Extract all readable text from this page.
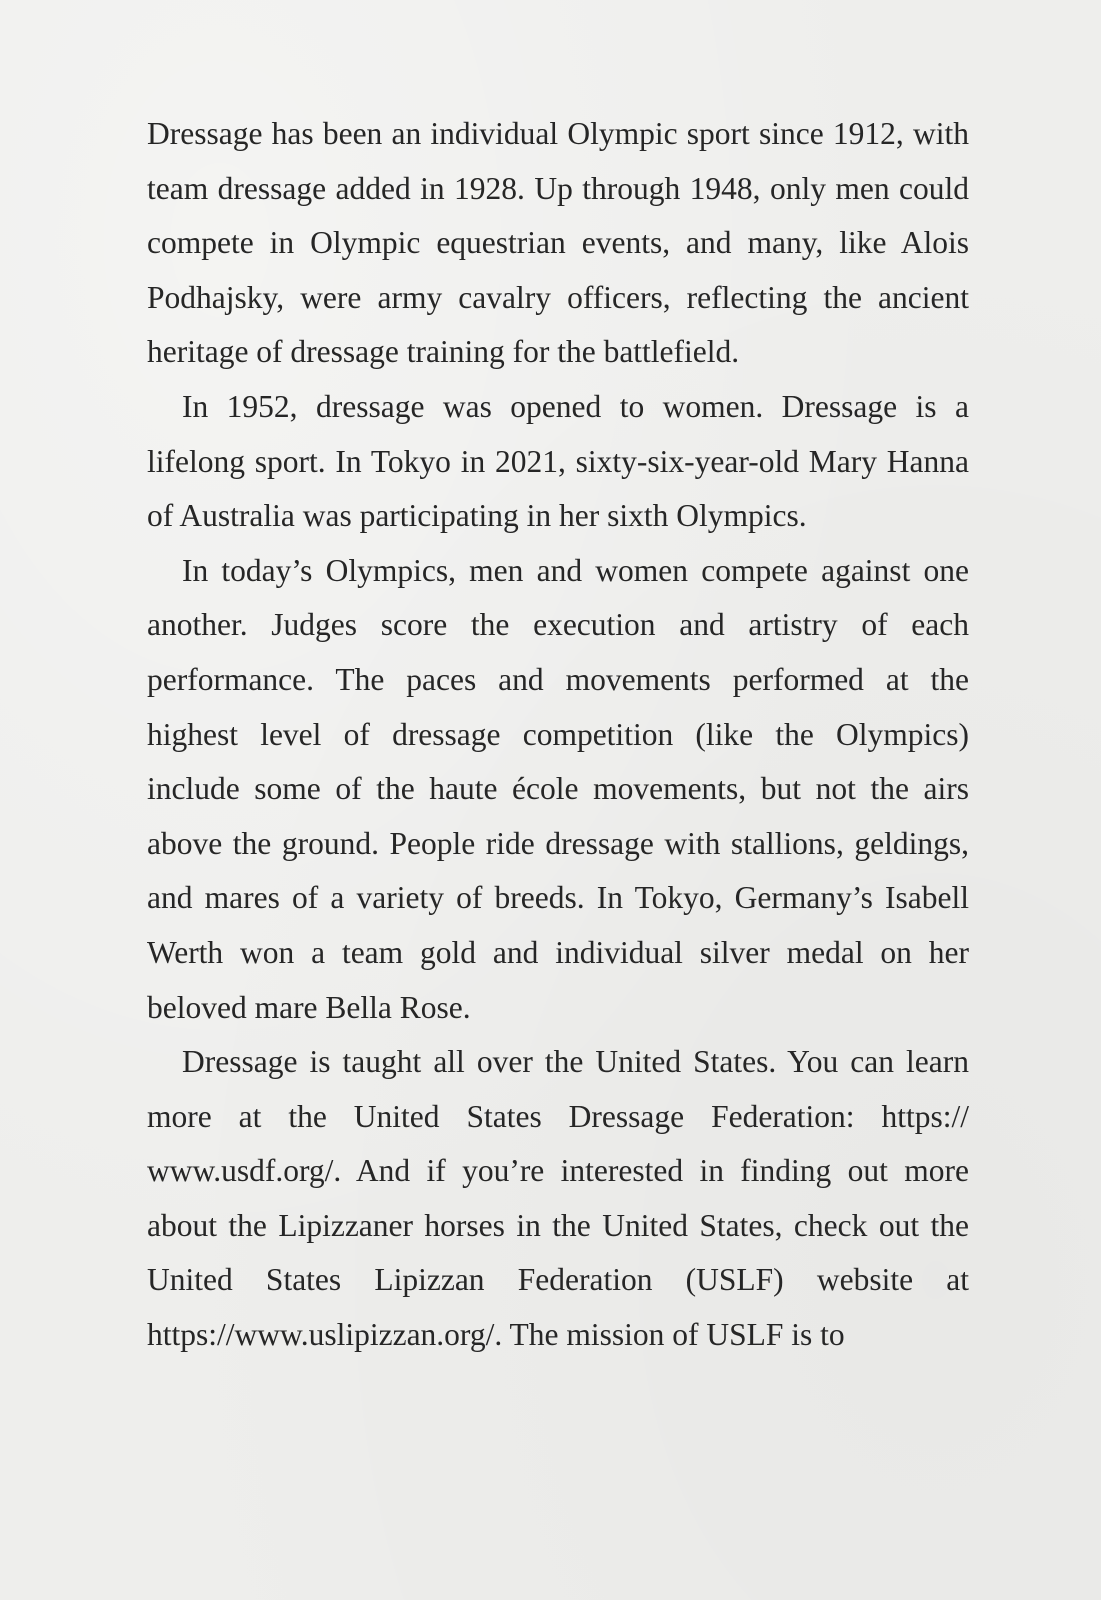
Dressage has been an individual Olympic sport since 1912, with team dressage added in 1928. Up through 1948, only men could compete in Olympic equestrian events, and many, like Alois Podhajsky, were army cavalry officers, reflecting the ancient heritage of dressage training for the battlefield.

In 1952, dressage was opened to women. Dressage is a lifelong sport. In Tokyo in 2021, sixty-six-year-old Mary Hanna of Australia was participating in her sixth Olympics.

In today’s Olympics, men and women compete against one another. Judges score the execution and artistry of each performance. The paces and movements performed at the highest level of dressage competition (like the Olympics) include some of the haute école movements, but not the airs above the ground. People ride dressage with stallions, geldings, and mares of a variety of breeds. In Tokyo, Germany’s Isabell Werth won a team gold and individual silver medal on her beloved mare Bella Rose.

Dressage is taught all over the United States. You can learn more at the United States Dressage Federation: https://​www.usdf.org/. And if you’re interested in finding out more about the Lipizzaner horses in the United States, check out the United States Lipizzan Federation (USLF) website at https://www.uslipizzan.org/. The mission of USLF is to
